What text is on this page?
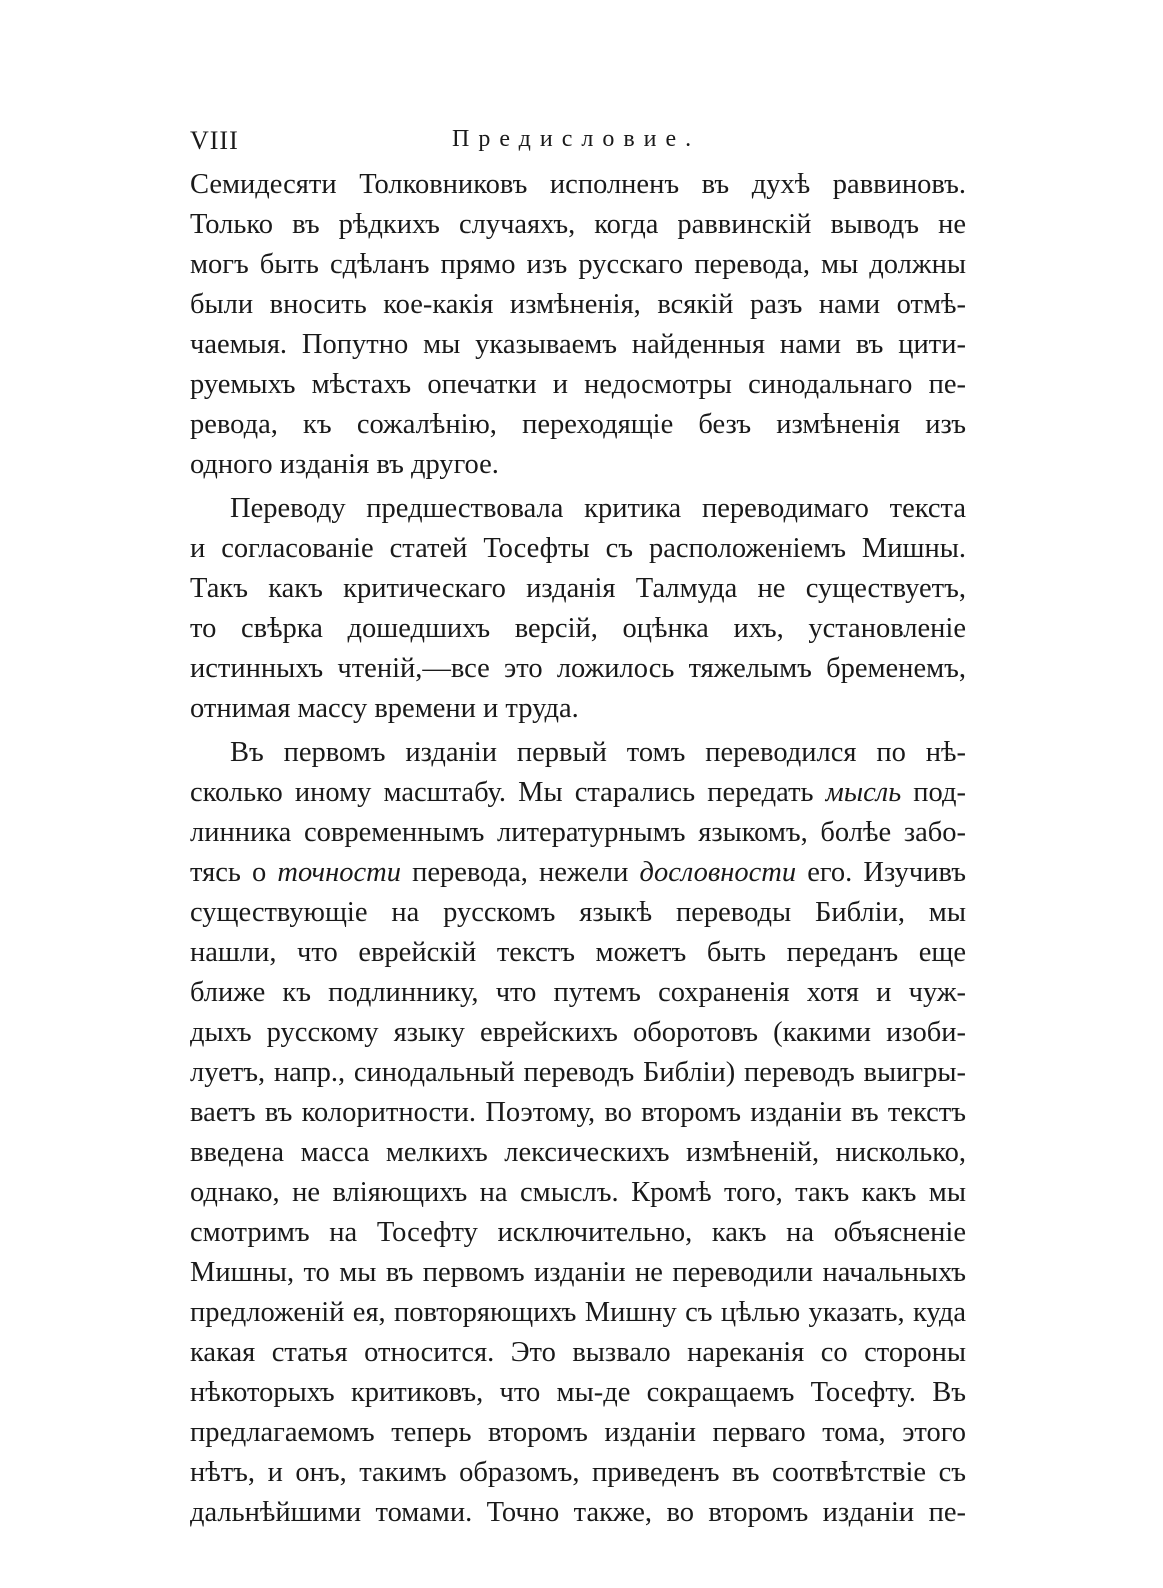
VIII	Предисловие.
Семидесяти Толковниковъ исполненъ въ духѣ раввиновъ.
Только въ рѣдкихъ случаяхъ, когда раввинскій выводъ не
могъ быть сдѣланъ прямо изъ русскаго перевода, мы должны
были вносить кое-какія измѣненія, всякій разъ нами отмѣ-
чаемыя. Попутно мы указываемъ найденныя нами въ цити-
руемыхъ мѣстахъ опечатки и недосмотры синодальнаго пе-
ревода, къ сожалѣнію, переходящіе безъ измѣненія изъ
одного изданія въ другое.
Переводу предшествовала критика переводимаго текста
и согласованіе статей Тосефты съ расположеніемъ Мишны.
Такъ какъ критическаго изданія Талмуда не существуетъ,
то свѣрка дошедшихъ версій, оцѣнка ихъ, установленіе
истинныхъ чтеній,—все это ложилось тяжелымъ бременемъ,
отнимая массу времени и труда.
Въ первомъ изданіи первый томъ переводился по нѣ-
сколько иному масштабу. Мы старались передать мысль под-
линника современнымъ литературнымъ языкомъ, болѣе забо-
тясь о точности перевода, нежели дословности его. Изучивъ
существующіе на русскомъ языкѣ переводы Библіи, мы
нашли, что еврейскій текстъ можетъ быть переданъ еще
ближе къ подлиннику, что путемъ сохраненія хотя и чуж-
дыхъ русскому языку еврейскихъ оборотовъ (какими изоби-
луетъ, напр., синодальный переводъ Библіи) переводъ выигры-
ваетъ въ колоритности. Поэтому, во второмъ изданіи въ текстъ
введена масса мелкихъ лексическихъ измѣненій, нисколько,
однако, не вліяющихъ на смыслъ. Кромѣ того, такъ какъ мы
смотримъ на Тосефту исключительно, какъ на объясненіе
Мишны, то мы въ первомъ изданіи не переводили начальныхъ
предложеній ея, повторяющихъ Мишну съ цѣлью указать, куда
какая статья относится. Это вызвало нареканія со стороны
нѣкоторыхъ критиковъ, что мы-де сокращаемъ Тосефту. Въ
предлагаемомъ теперь второмъ изданіи перваго тома, этого
нѣтъ, и онъ, такимъ образомъ, приведенъ въ соотвѣтствіе съ
дальнѣйшими томами. Точно также, во второмъ изданіи пе-
